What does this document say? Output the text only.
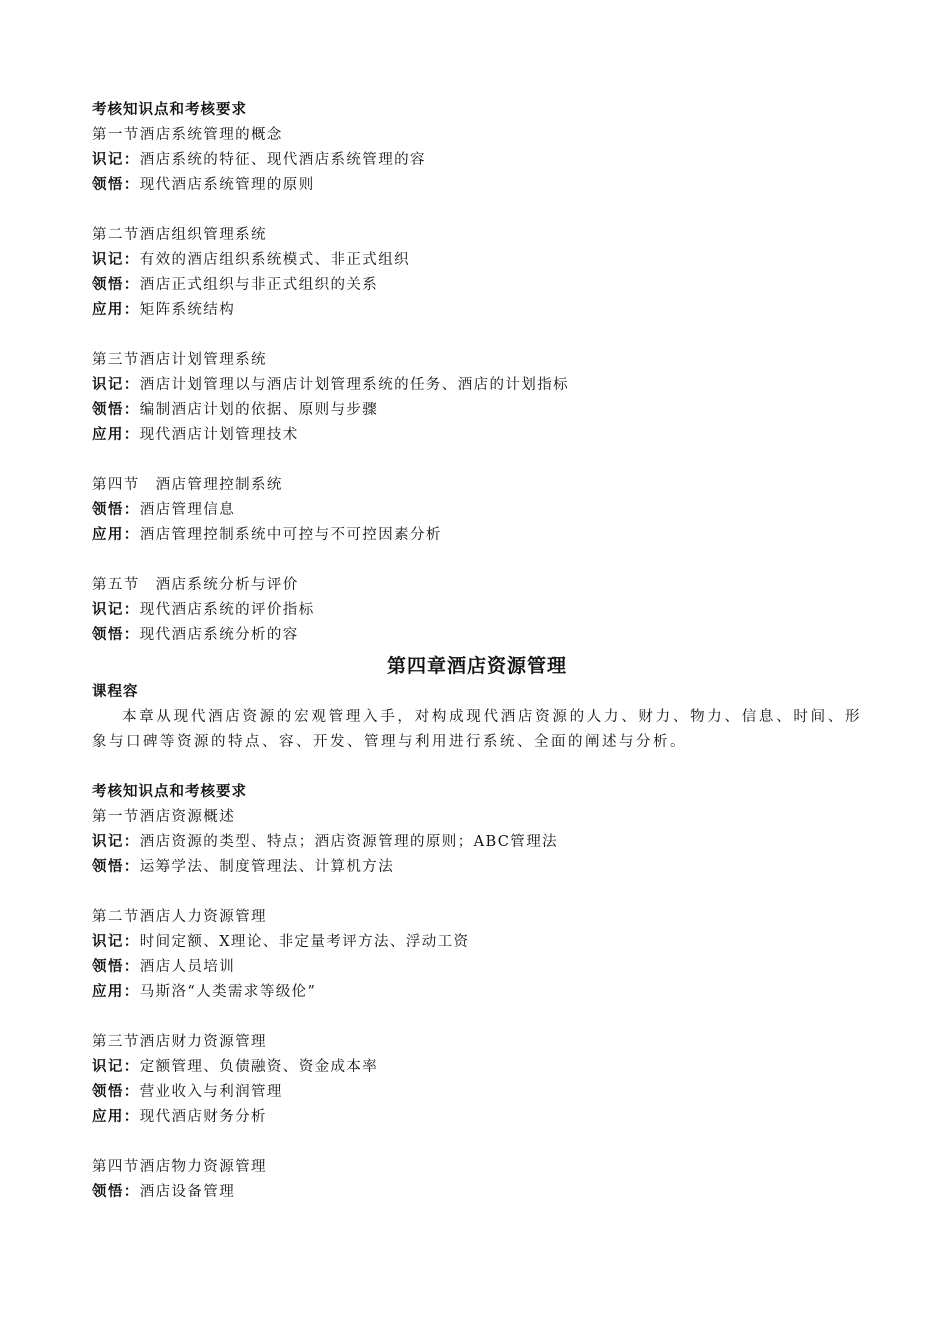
考核知识点和考核要求
第一节酒店系统管理的概念
识记：酒店系统的特征、现代酒店系统管理的容
领悟：现代酒店系统管理的原则
第二节酒店组织管理系统
识记：有效的酒店组织系统模式、非正式组织
领悟：酒店正式组织与非正式组织的关系
应用：矩阵系统结构
第三节酒店计划管理系统
识记：酒店计划管理以与酒店计划管理系统的任务、酒店的计划指标
领悟：编制酒店计划的依据、原则与步骤
应用：现代酒店计划管理技术
第四节　酒店管理控制系统
领悟：酒店管理信息
应用：酒店管理控制系统中可控与不可控因素分析
第五节　酒店系统分析与评价
识记：现代酒店系统的评价指标
领悟：现代酒店系统分析的容
第四章酒店资源管理
课程容
本章从现代酒店资源的宏观管理入手，对构成现代酒店资源的人力、财力、物力、信息、时间、形象与口碑等资源的特点、容、开发、管理与利用进行系统、全面的阐述与分析。
考核知识点和考核要求
第一节酒店资源概述
识记：酒店资源的类型、特点；酒店资源管理的原则；ABC管理法
领悟：运筹学法、制度管理法、计算机方法
第二节酒店人力资源管理
识记：时间定额、X理论、非定量考评方法、浮动工资
领悟：酒店人员培训
应用：马斯洛“人类需求等级伦”
第三节酒店财力资源管理
识记：定额管理、负债融资、资金成本率
领悟：营业收入与利润管理
应用：现代酒店财务分析
第四节酒店物力资源管理
领悟：酒店设备管理
